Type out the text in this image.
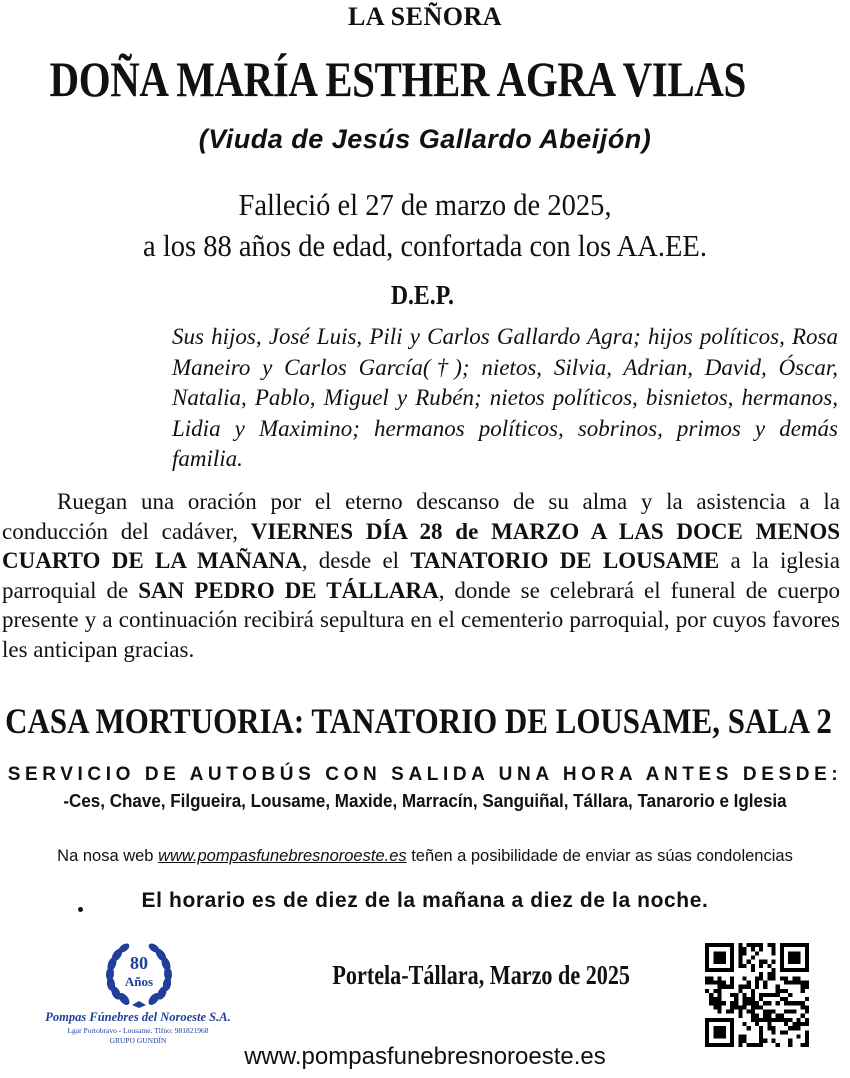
LA SEÑORA
DOÑA MARÍA ESTHER AGRA VILAS
(Viuda de Jesús Gallardo Abeijón)
Falleció el 27 de marzo de 2025,
a los 88 años de edad, confortada con los AA.EE.
D.E.P.
Sus hijos, José Luis, Pili y Carlos Gallardo Agra; hijos políticos, Rosa Maneiro y Carlos García(†); nietos, Silvia, Adrian, David, Óscar, Natalia, Pablo, Miguel y Rubén; nietos políticos, bisnietos, hermanos, Lidia y Maximino; hermanos políticos, sobrinos, primos y demás familia.
Ruegan una oración por el eterno descanso de su alma y la asistencia a la conducción del cadáver, VIERNES DÍA 28 de MARZO A LAS DOCE MENOS CUARTO DE LA MAÑANA, desde el TANATORIO DE LOUSAME a la iglesia parroquial de SAN PEDRO DE TÁLLARA, donde se celebrará el funeral de cuerpo presente y a continuación recibirá sepultura en el cementerio parroquial, por cuyos favores les anticipan gracias.
CASA MORTUORIA: TANATORIO DE LOUSAME, SALA 2
SERVICIO DE AUTOBÚS CON SALIDA UNA HORA ANTES DESDE:
-Ces, Chave, Filgueira, Lousame, Maxide, Marracín, Sanguiñal, Tállara, Tanarorio e Iglesia
Na nosa web www.pompasfunebresnoroeste.es teñen a posibilidade de enviar as súas condolencias
El horario es de diez de la mañana a diez de la noche.
80
Años
Pompas Fúnebres del Noroeste S.A.
Lgar Portobravo - Lousame. Tlfno: 981821968
GRUPO GUNDÍN
Portela-Tállara, Marzo de 2025
www.pompasfunebresnoroeste.es
